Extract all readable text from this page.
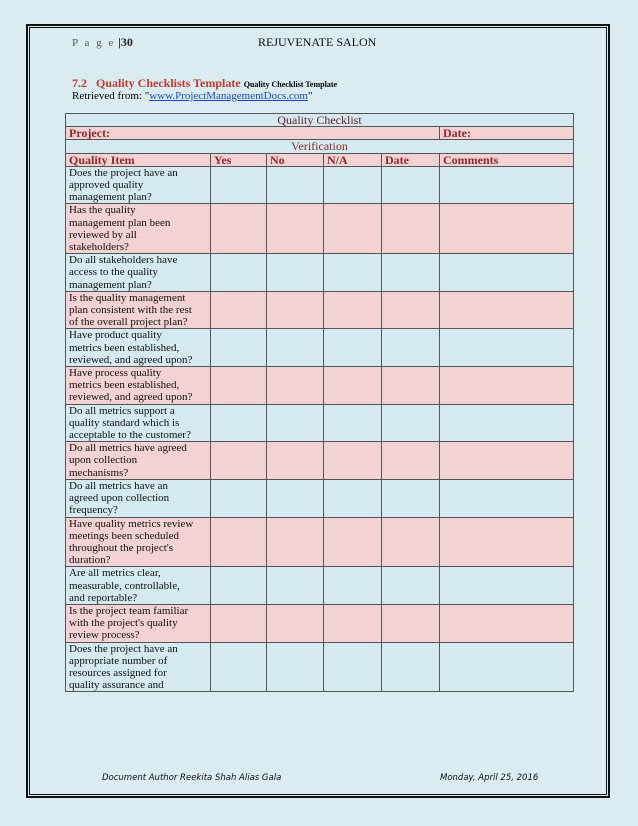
P a g e |30	REJUVENATE SALON
7.2 Quality Checklists Template Quality Checklist Template
Retrieved from: "www.ProjectManagementDocs.com"
Quality Checklist					
Project:					Date:
Verification					
Quality Item	Yes	No	N/A	Date	Comments

Does the project have an
approved quality
management plan?					

Has the quality
management plan been
reviewed by all
stakeholders?					

Do all stakeholders have
access to the quality
management plan?					

Is the quality management
plan consistent with the rest
of the overall project plan?					

Have product quality
metrics been established,
reviewed, and agreed upon?					

Have process quality
metrics been established,
reviewed, and agreed upon?					

Do all metrics support a
quality standard which is
acceptable to the customer?					

Do all metrics have agreed
upon collection
mechanisms?					

Do all metrics have an
agreed upon collection
frequency?					

Have quality metrics review
meetings been scheduled
throughout the project's
duration?					

Are all metrics clear,
measurable, controllable,
and reportable?					

Is the project team familiar
with the project's quality
review process?					

Does the project have an
appropriate number of
resources assigned for
quality assurance and					

Document Author Reekita Shah Alias Gala	Monday, April 25, 2016
